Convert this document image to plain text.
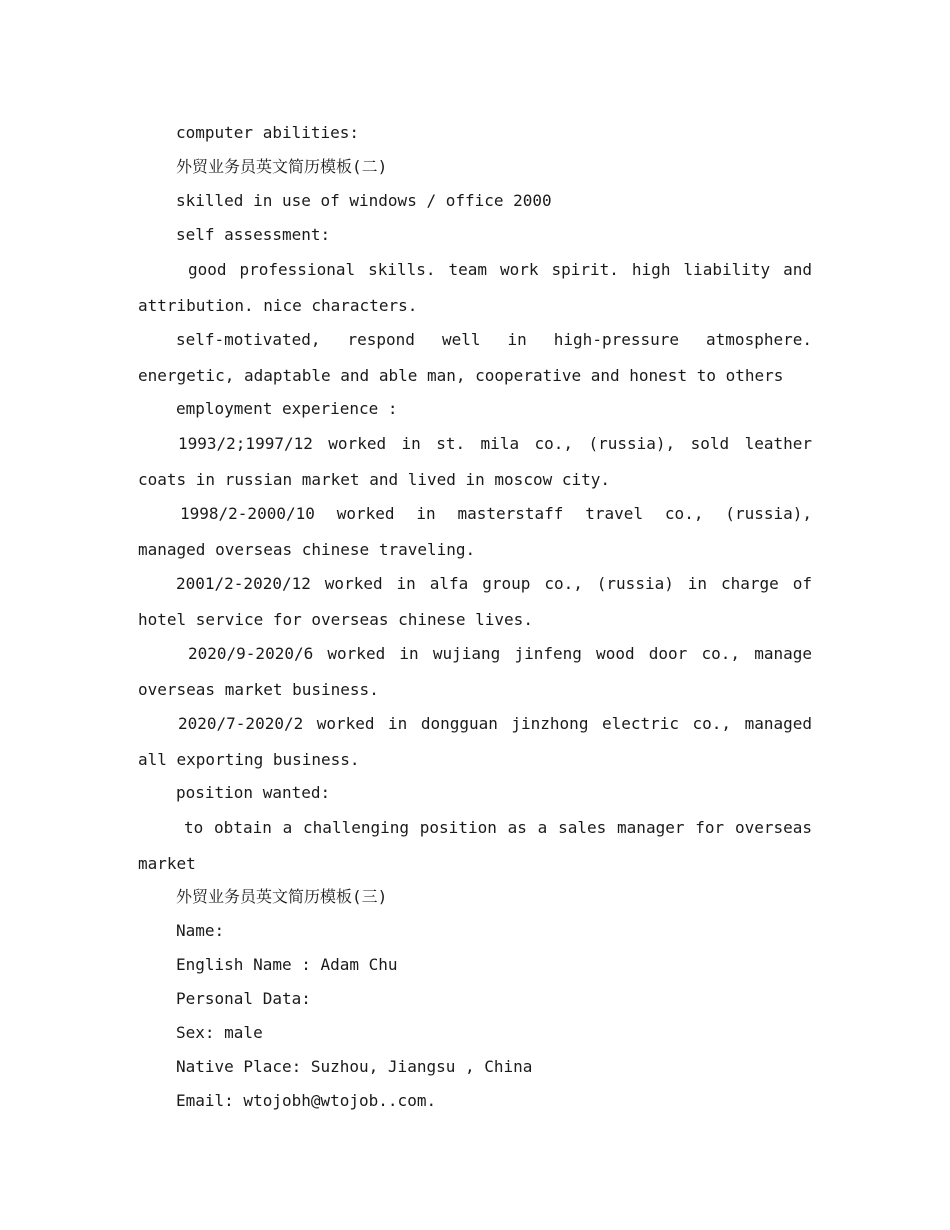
computer abilities:
外贸业务员英文简历模板(二)
skilled in use of windows / office 2000
self assessment:
good professional skills. team work spirit. high liability and attribution. nice characters.
self-motivated, respond well in high-pressure atmosphere. energetic, adaptable and able man, cooperative and honest to others
employment experience :
1993/2;1997/12 worked in st. mila co., (russia), sold leather coats in russian market and lived in moscow city.
1998/2-2000/10 worked in masterstaff travel co., (russia), managed overseas chinese traveling.
2001/2-2020/12 worked in alfa group co., (russia) in charge of hotel service for overseas chinese lives.
2020/9-2020/6 worked in wujiang jinfeng wood door co., manage overseas market business.
2020/7-2020/2 worked in dongguan jinzhong electric co., managed all exporting business.
position wanted:
to obtain a challenging position as a sales manager for overseas market
外贸业务员英文简历模板(三)
Name:
English Name : Adam Chu
Personal Data:
Sex: male
Native Place: Suzhou, Jiangsu , China
Email: wtojobh@wtojob..com.
